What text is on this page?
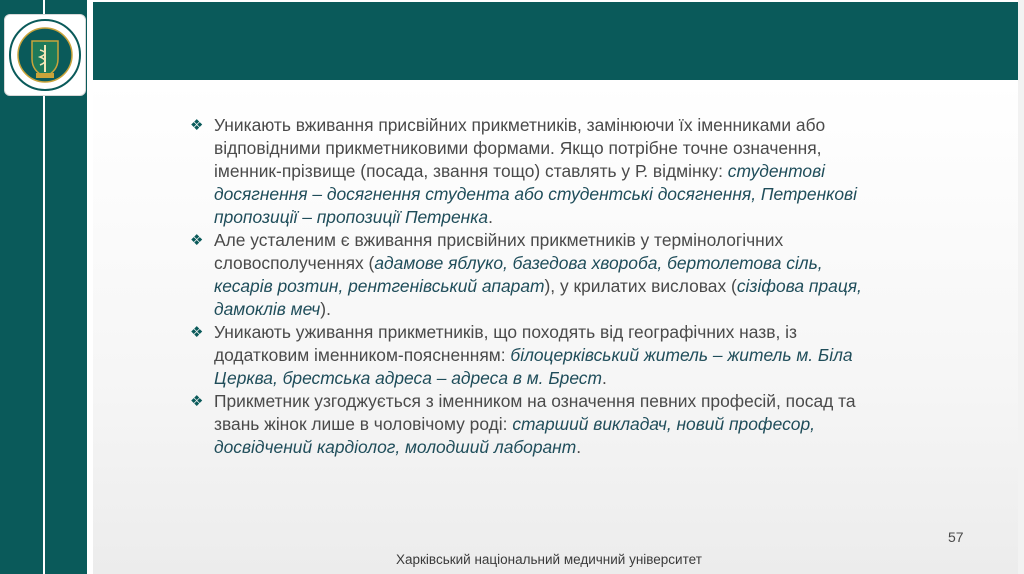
❖ Уникають вживання присвійних прикметників, замінюючи їх іменниками або відповідними прикметниковими формами. Якщо потрібне точне означення, іменник-прізвище (посада, звання тощо) ставлять у Р. відмінку: студентові досягнення – досягнення студента або студентські досягнення, Петренкові пропозиції – пропозиції Петренка.

❖ Але усталеним є вживання присвійних прикметників у термінологічних словосполученнях (адамове яблуко, базедова хвороба, бертолетова сіль, кесарів розтин, рентгенівський апарат), у крилатих висловах (сізіфова праця, дамоклів меч).

❖ Уникають уживання прикметників, що походять від географічних назв, із додатковим іменником-поясненням: білоцерківський житель – житель м. Біла Церква, брестська адреса – адреса в м. Брест.

❖ Прикметник узгоджується з іменником на означення певних професій, посад та звань жінок лише в чоловічому роді: старший викладач, новий професор, досвідчений кардіолог, молодший лаборант.

57
Харківський національний медичний університет
